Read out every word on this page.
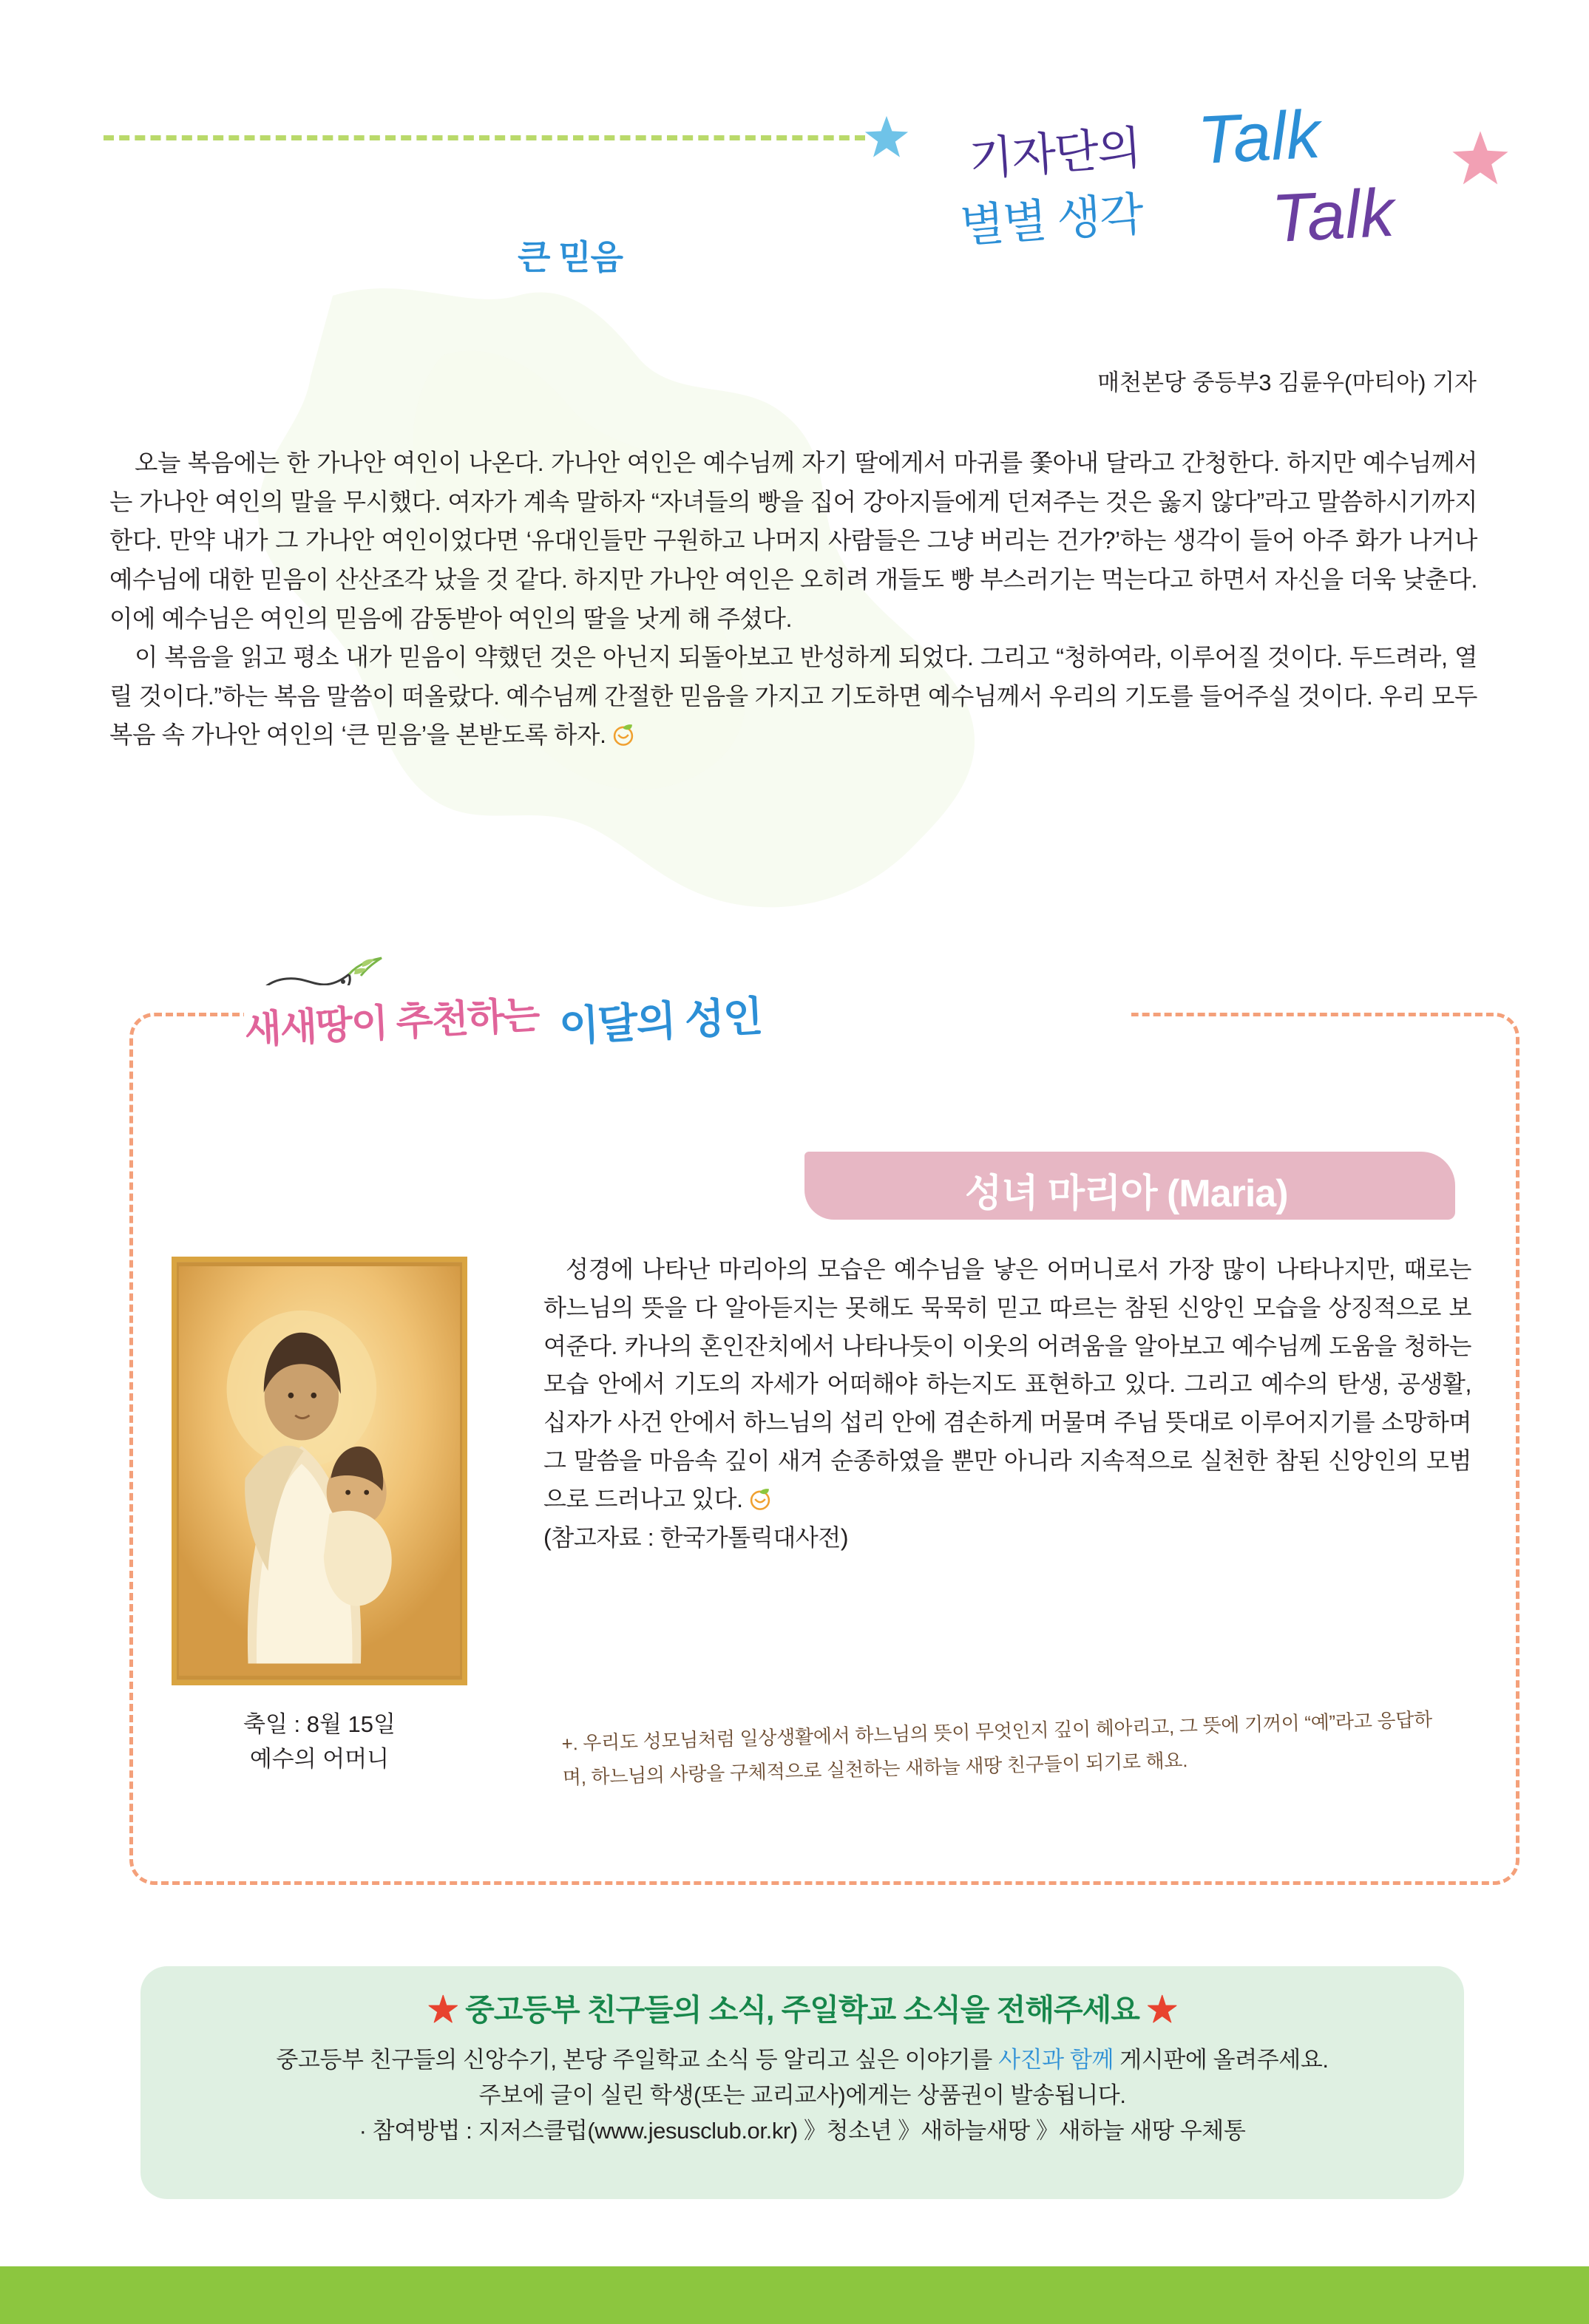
기자단의 Talk
별별 생각 Talk
큰 믿음
매천본당 중등부3 김륜우(마티아) 기자

오늘 복음에는 한 가나안 여인이 나온다. 가나안 여인은 예수님께 자기 딸에게서 마귀를 쫓아내 달라고 간청한다. 하지만 예수님께서는 가나안 여인의 말을 무시했다. 여자가 계속 말하자 “자녀들의 빵을 집어 강아지들에게 던져주는 것은 옳지 않다”라고 말씀하시기까지 한다. 만약 내가 그 가나안 여인이었다면 ‘유대인들만 구원하고 나머지 사람들은 그냥 버리는 건가?’하는 생각이 들어 아주 화가 나거나 예수님에 대한 믿음이 산산조각 났을 것 같다. 하지만 가나안 여인은 오히려 개들도 빵 부스러기는 먹는다고 하면서 자신을 더욱 낮춘다. 이에 예수님은 여인의 믿음에 감동받아 여인의 딸을 낫게 해 주셨다.

이 복음을 읽고 평소 내가 믿음이 약했던 것은 아닌지 되돌아보고 반성하게 되었다. 그리고 “청하여라, 이루어질 것이다. 두드려라, 열릴 것이다.”하는 복음 말씀이 떠올랐다. 예수님께 간절한 믿음을 가지고 기도하면 예수님께서 우리의 기도를 들어주실 것이다. 우리 모두 복음 속 가나안 여인의 ‘큰 믿음’을 본받도록 하자.

새새땅이 추천하는 이달의 성인
성녀 마리아 (Maria)
축일 : 8월 15일
예수의 어머니

성경에 나타난 마리아의 모습은 예수님을 낳은 어머니로서 가장 많이 나타나지만, 때로는 하느님의 뜻을 다 알아듣지는 못해도 묵묵히 믿고 따르는 참된 신앙인 모습을 상징적으로 보여준다. 카나의 혼인잔치에서 나타나듯이 이웃의 어려움을 알아보고 예수님께 도움을 청하는 모습 안에서 기도의 자세가 어떠해야 하는지도 표현하고 있다. 그리고 예수의 탄생, 공생활, 십자가 사건 안에서 하느님의 섭리 안에 겸손하게 머물며 주님 뜻대로 이루어지기를 소망하며 그 말씀을 마음속 깊이 새겨 순종하였을 뿐만 아니라 지속적으로 실천한 참된 신앙인의 모범으로 드러나고 있다.

(참고자료 : 한국가톨릭대사전)

+. 우리도 성모님처럼 일상생활에서 하느님의 뜻이 무엇인지 깊이 헤아리고, 그 뜻에 기꺼이 “예”라고 응답하며, 하느님의 사랑을 구체적으로 실천하는 새하늘 새땅 친구들이 되기로 해요.
★ 중고등부 친구들의 소식, 주일학교 소식을 전해주세요 ★
중고등부 친구들의 신앙수기, 본당 주일학교 소식 등 알리고 싶은 이야기를 사진과 함께 게시판에 올려주세요.
주보에 글이 실린 학생(또는 교리교사)에게는 상품권이 발송됩니다.
· 참여방법 : 지저스클럽(www.jesusclub.or.kr) 》청소년 》새하늘새땅 》새하늘 새땅 우체통
